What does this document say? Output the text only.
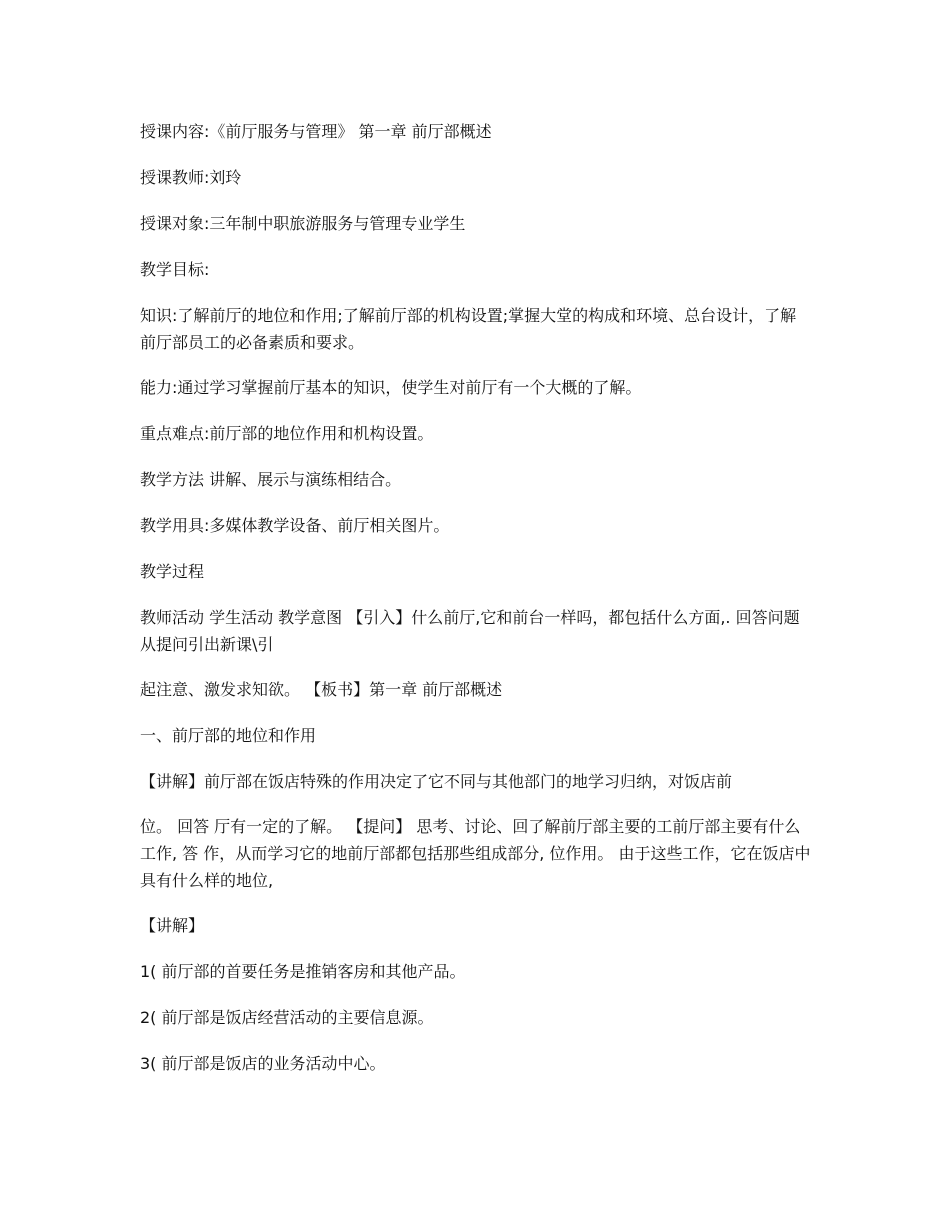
授课内容:《前厅服务与管理》 第一章 前厅部概述

授课教师:刘玲

授课对象:三年制中职旅游服务与管理专业学生

教学目标:

知识:了解前厅的地位和作用;了解前厅部的机构设置;掌握大堂的构成和环境、总台设计，了解前厅部员工的必备素质和要求。

能力:通过学习掌握前厅基本的知识，使学生对前厅有一个大概的了解。

重点难点:前厅部的地位作用和机构设置。

教学方法 讲解、展示与演练相结合。

教学用具:多媒体教学设备、前厅相关图片。

教学过程

教师活动 学生活动 教学意图 【引入】什么前厅,它和前台一样吗，都包括什么方面,. 回答问题 从提问引出新课\引

起注意、激发求知欲。 【板书】第一章 前厅部概述

一、前厅部的地位和作用

【讲解】前厅部在饭店特殊的作用决定了它不同与其他部门的地学习归纳，对饭店前

位。 回答 厅有一定的了解。 【提问】 思考、讨论、回了解前厅部主要的工前厅部主要有什么工作, 答 作，从而学习它的地前厅部都包括那些组成部分, 位作用。 由于这些工作，它在饭店中具有什么样的地位,

【讲解】

1( 前厅部的首要任务是推销客房和其他产品。

2( 前厅部是饭店经营活动的主要信息源。

3( 前厅部是饭店的业务活动中心。
